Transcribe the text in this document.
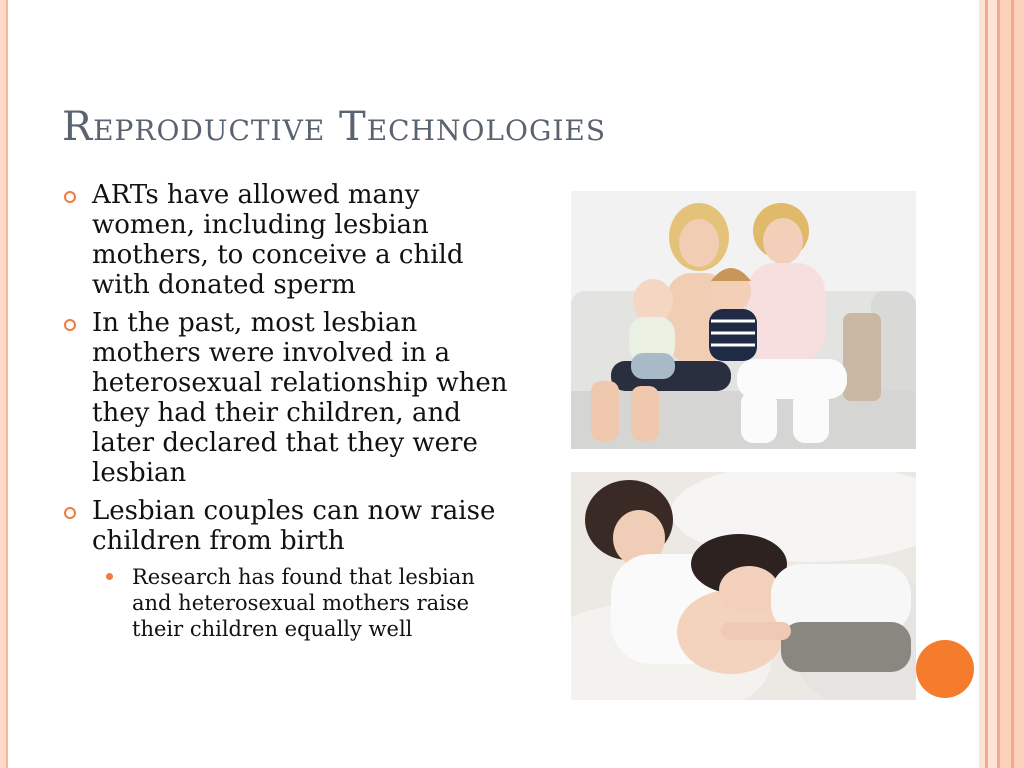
Reproductive Technologies
ARTs have allowed many women, including lesbian mothers, to conceive a child with donated sperm
In the past, most lesbian mothers were involved in a heterosexual relationship when they had their children, and later declared that they were lesbian
Lesbian couples can now raise children from birth
Research has found that lesbian and heterosexual mothers raise their children equally well
